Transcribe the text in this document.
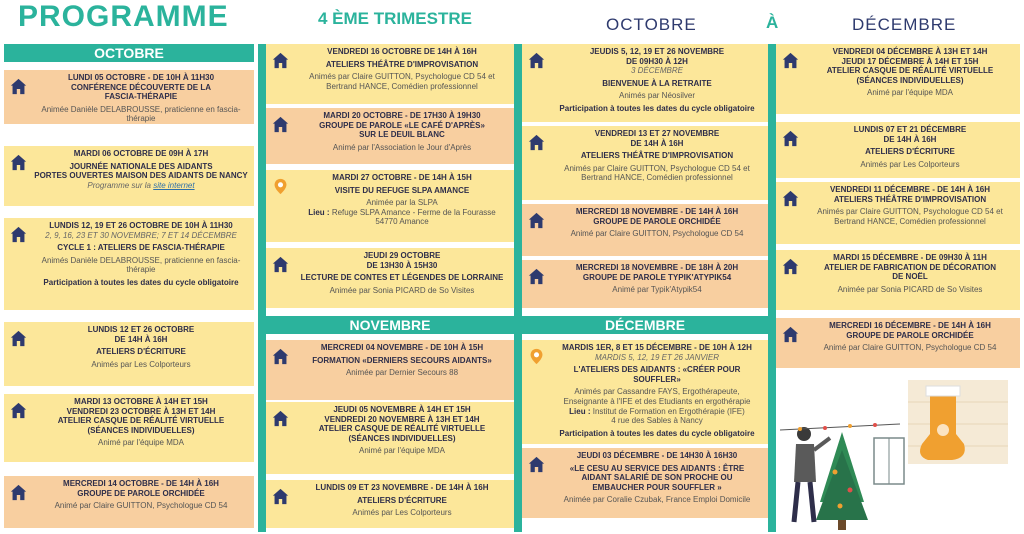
PROGRAMME	4 ÈME TRIMESTRE	OCTOBRE	À	DÉCEMBRE
OCTOBRE
NOVEMBRE	DÉCEMBRE
LUNDI 05 OCTOBRE - DE 10H À 11H30
CONFÉRENCE DÉCOUVERTE DE LA
FASCIA-THÉRAPIE
Animée Danièle DELABROUSSE, praticienne en fascia-
thérapie
MARDI 06 OCTOBRE DE 09H À 17H
JOURNÉE NATIONALE DES AIDANTS
PORTES OUVERTES MAISON DES AIDANTS DE NANCY
Programme sur la site internet
LUNDIS 12, 19 ET 26 OCTOBRE DE 10H À 11H30
2, 9, 16, 23 ET 30 NOVEMBRE; 7 ET 14 DÉCEMBRE
CYCLE 1 : ATELIERS DE FASCIA-THÉRAPIE
Animés Danièle DELABROUSSE, praticienne en fascia-
thérapie
Participation à toutes les dates du cycle obligatoire
LUNDIS 12 ET 26 OCTOBRE
DE 14H À 16H
ATELIERS D'ÉCRITURE
Animés par Les Colporteurs
MARDI 13 OCTOBRE À 14H ET 15H
VENDREDI 23 OCTOBRE À 13H ET 14H
ATELIER CASQUE DE RÉALITÉ VIRTUELLE
(SÉANCES INDIVIDUELLES)
Animé par l'équipe MDA
MERCREDI 14 OCTOBRE - DE 14H À 16H
GROUPE DE PAROLE ORCHIDÉE
Animé par Claire GUITTON, Psychologue CD 54
VENDREDI 16 OCTOBRE DE 14H À 16H
ATELIERS THÉÂTRE D'IMPROVISATION
Animés par Claire GUITTON, Psychologue CD 54 et
Bertrand HANCE, Comédien professionnel
MARDI 20 OCTOBRE - DE 17H30 À 19H30
GROUPE DE PAROLE «LE CAFÉ D'APRÈS»
SUR LE DEUIL BLANC
Animé par l'Association le Jour d'Après
MARDI 27 OCTOBRE - DE 14H À 15H
VISITE DU REFUGE SLPA AMANCE
Animée par la SLPA
Lieu : Refuge SLPA Amance - Ferme de la Fourasse
54770 Amance
JEUDI 29 OCTOBRE
DE 13H30 À 15H30
LECTURE DE CONTES ET LÉGENDES DE LORRAINE
Animée par Sonia PICARD de So Visites
MERCREDI 04 NOVEMBRE - DE 10H À 15H
FORMATION «DERNIERS SECOURS AIDANTS»
Animée par Dernier Secours 88
JEUDI 05 NOVEMBRE À 14H ET 15H
VENDREDI 20 NOVEMBRE À 13H ET 14H
ATELIER CASQUE DE RÉALITÉ VIRTUELLE
(SÉANCES INDIVIDUELLES)
Animé par l'équipe MDA
LUNDIS 09 ET 23 NOVEMBRE - DE 14H À 16H
ATELIERS D'ÉCRITURE
Animés par Les Colporteurs
JEUDIS 5, 12, 19 ET 26 NOVEMBRE
DE 09H30 À 12H
3 DÉCEMBRE
BIENVENUE À LA RETRAITE
Animés par Néosilver
Participation à toutes les dates du cycle obligatoire
VENDREDI 13 ET 27 NOVEMBRE
DE 14H À 16H
ATELIERS THÉÂTRE D'IMPROVISATION
Animés par Claire GUITTON, Psychologue CD 54 et
Bertrand HANCE, Comédien professionnel
MERCREDI 18 NOVEMBRE - DE 14H À 16H
GROUPE DE PAROLE ORCHIDÉE
Animé par Claire GUITTON, Psychologue CD 54
MERCREDI 18 NOVEMBRE - DE 18H À 20H
GROUPE DE PAROLE TYPIK'ATYPIK54
Animé par Typik'Atypik54
MARDIS 1ER, 8 ET 15 DÉCEMBRE - DE 10H À 12H
MARDIS 5, 12, 19 ET 26 JANVIER
L'ATELIERS DES AIDANTS : «CRÉER POUR SOUFFLER»
Animés par Cassandre FAYS, Ergothérapeute,
Enseignante à l'IFE et des Etudiants en ergothérapie
Lieu : Institut de Formation en Ergothérapie (IFE)
4 rue des Sables à Nancy
Participation à toutes les dates du cycle obligatoire
JEUDI 03 DÉCEMBRE - DE 14H30 À 16H30
«LE CESU AU SERVICE DES AIDANTS : ÊTRE
AIDANT SALARIÉ DE SON PROCHE OU
EMBAUCHER POUR SOUFFLER »
Animée par Coralie Czubak, France Emploi Domicile
VENDREDI 04 DÉCEMBRE À 13H ET 14H
JEUDI 17 DÉCEMBRE À 14H ET 15H
ATELIER CASQUE DE RÉALITÉ VIRTUELLE
(SÉANCES INDIVIDUELLES)
Animé par l'équipe MDA
LUNDIS 07 ET 21 DÉCEMBRE
DE 14H À 16H
ATELIERS D'ÉCRITURE
Animés par Les Colporteurs
VENDREDI 11 DÉCEMBRE - DE 14H À 16H
ATELIERS THÉÂTRE D'IMPROVISATION
Animés par Claire GUITTON, Psychologue CD 54 et
Bertrand HANCE, Comédien professionnel
MARDI 15 DÉCEMBRE - DE 09H30 À 11H
ATELIER DE FABRICATION DE DÉCORATION
DE NOËL
Animée par Sonia PICARD de So Visites
MERCREDI 16 DÉCEMBRE - DE 14H À 16H
GROUPE DE PAROLE ORCHIDÉE
Animé par Claire GUITTON, Psychologue CD 54
